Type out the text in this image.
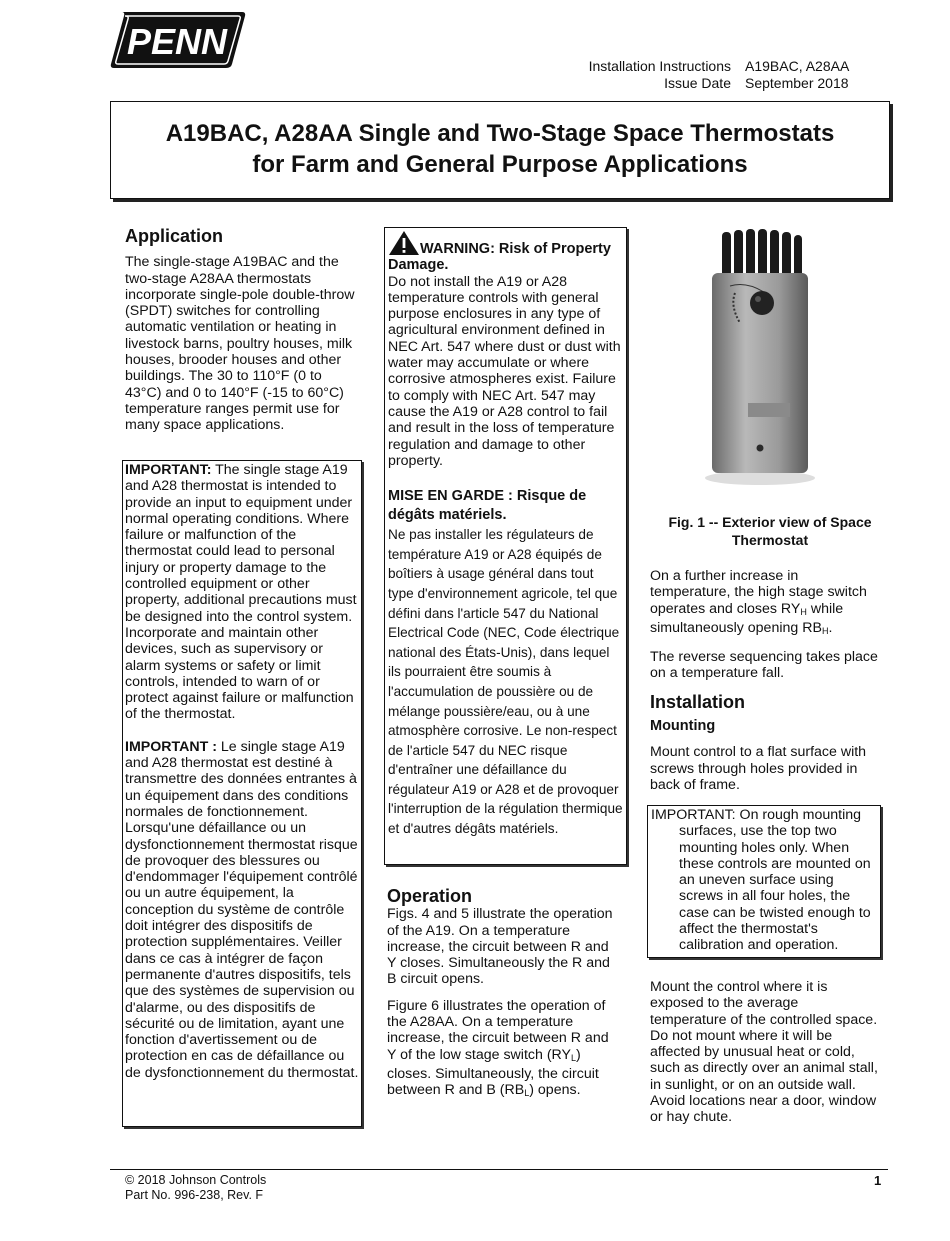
PENN
Installation Instructions A19BAC, A28AA
Issue Date September 2018
A19BAC, A28AA Single and Two-Stage Space Thermostats
for Farm and General Purpose Applications
Application

The single-stage A19BAC and the two-stage A28AA thermostats incorporate single-pole double-throw (SPDT) switches for controlling automatic ventilation or heating in livestock barns, poultry houses, milk houses, brooder houses and other buildings. The 30 to 110°F (0 to 43°C) and 0 to 140°F (-15 to 60°C) temperature ranges permit use for many space applications.

IMPORTANT: The single stage A19 and A28 thermostat is intended to provide an input to equipment under normal operating conditions. Where failure or malfunction of the thermostat could lead to personal injury or property damage to the controlled equipment or other property, additional precautions must be designed into the control system. Incorporate and maintain other devices, such as supervisory or alarm systems or safety or limit controls, intended to warn of or protect against failure or malfunction of the thermostat.

IMPORTANT : Le single stage A19 and A28 thermostat est destiné à transmettre des données entrantes à un équipement dans des conditions normales de fonctionnement. Lorsqu'une défaillance ou un dysfonctionnement thermostat risque de provoquer des blessures ou d'endommager l'équipement contrôlé ou un autre équipement, la conception du système de contrôle doit intégrer des dispositifs de protection supplémentaires. Veiller dans ce cas à intégrer de façon permanente d'autres dispositifs, tels que des systèmes de supervision ou d'alarme, ou des dispositifs de sécurité ou de limitation, ayant une fonction d'avertissement ou de protection en cas de défaillance ou de dysfonctionnement du thermostat.

WARNING: Risk of Property Damage.

Do not install the A19 or A28 temperature controls with general purpose enclosures in any type of agricultural environment defined in NEC Art. 547 where dust or dust with water may accumulate or where corrosive atmospheres exist. Failure to comply with NEC Art. 547 may cause the A19 or A28 control to fail and result in the loss of temperature regulation and damage to other property.

MISE EN GARDE : Risque de dégâts matériels.

Ne pas installer les régulateurs de température A19 or A28 équipés de boîtiers à usage général dans tout type d'environnement agricole, tel que défini dans l'article 547 du National Electrical Code (NEC, Code électrique national des États-Unis), dans lequel ils pourraient être soumis à l'accumulation de poussière ou de mélange poussière/eau, ou à une atmosphère corrosive. Le non-respect de l'article 547 du NEC risque d'entraîner une défaillance du régulateur A19 or A28 et de provoquer l'interruption de la régulation thermique et d'autres dégâts matériels.

Operation

Figs. 4 and 5 illustrate the operation of the A19. On a temperature increase, the circuit between R and Y closes. Simultaneously the R and B circuit opens.

Figure 6 illustrates the operation of the A28AA. On a temperature increase, the circuit between R and Y of the low stage switch $(RY_L)$ closes. Simultaneously, the circuit between R and B $(RB_L)$ opens.

Fig. 1 -- Exterior view of Space
Thermostat

On a further increase in temperature, the high stage switch operates and closes $RY_H$ while simultaneously opening $RB_H$.

The reverse sequencing takes place on a temperature fall.

Installation
Mounting

Mount control to a flat surface with screws through holes provided in back of frame.

IMPORTANT: On rough mounting
surfaces, use the top two mounting holes only. When these controls are mounted on an uneven surface using screws in all four holes, the case can be twisted enough to affect the thermostat's calibration and operation.
Mount the control where it is exposed to the average temperature of the controlled space. Do not mount where it will be affected by unusual heat or cold, such as directly over an animal stall, in sunlight, or on an outside wall. Avoid locations near a door, window or hay chute.
© 2018 Johnson Controls
Part No. 996-238, Rev. F
1
